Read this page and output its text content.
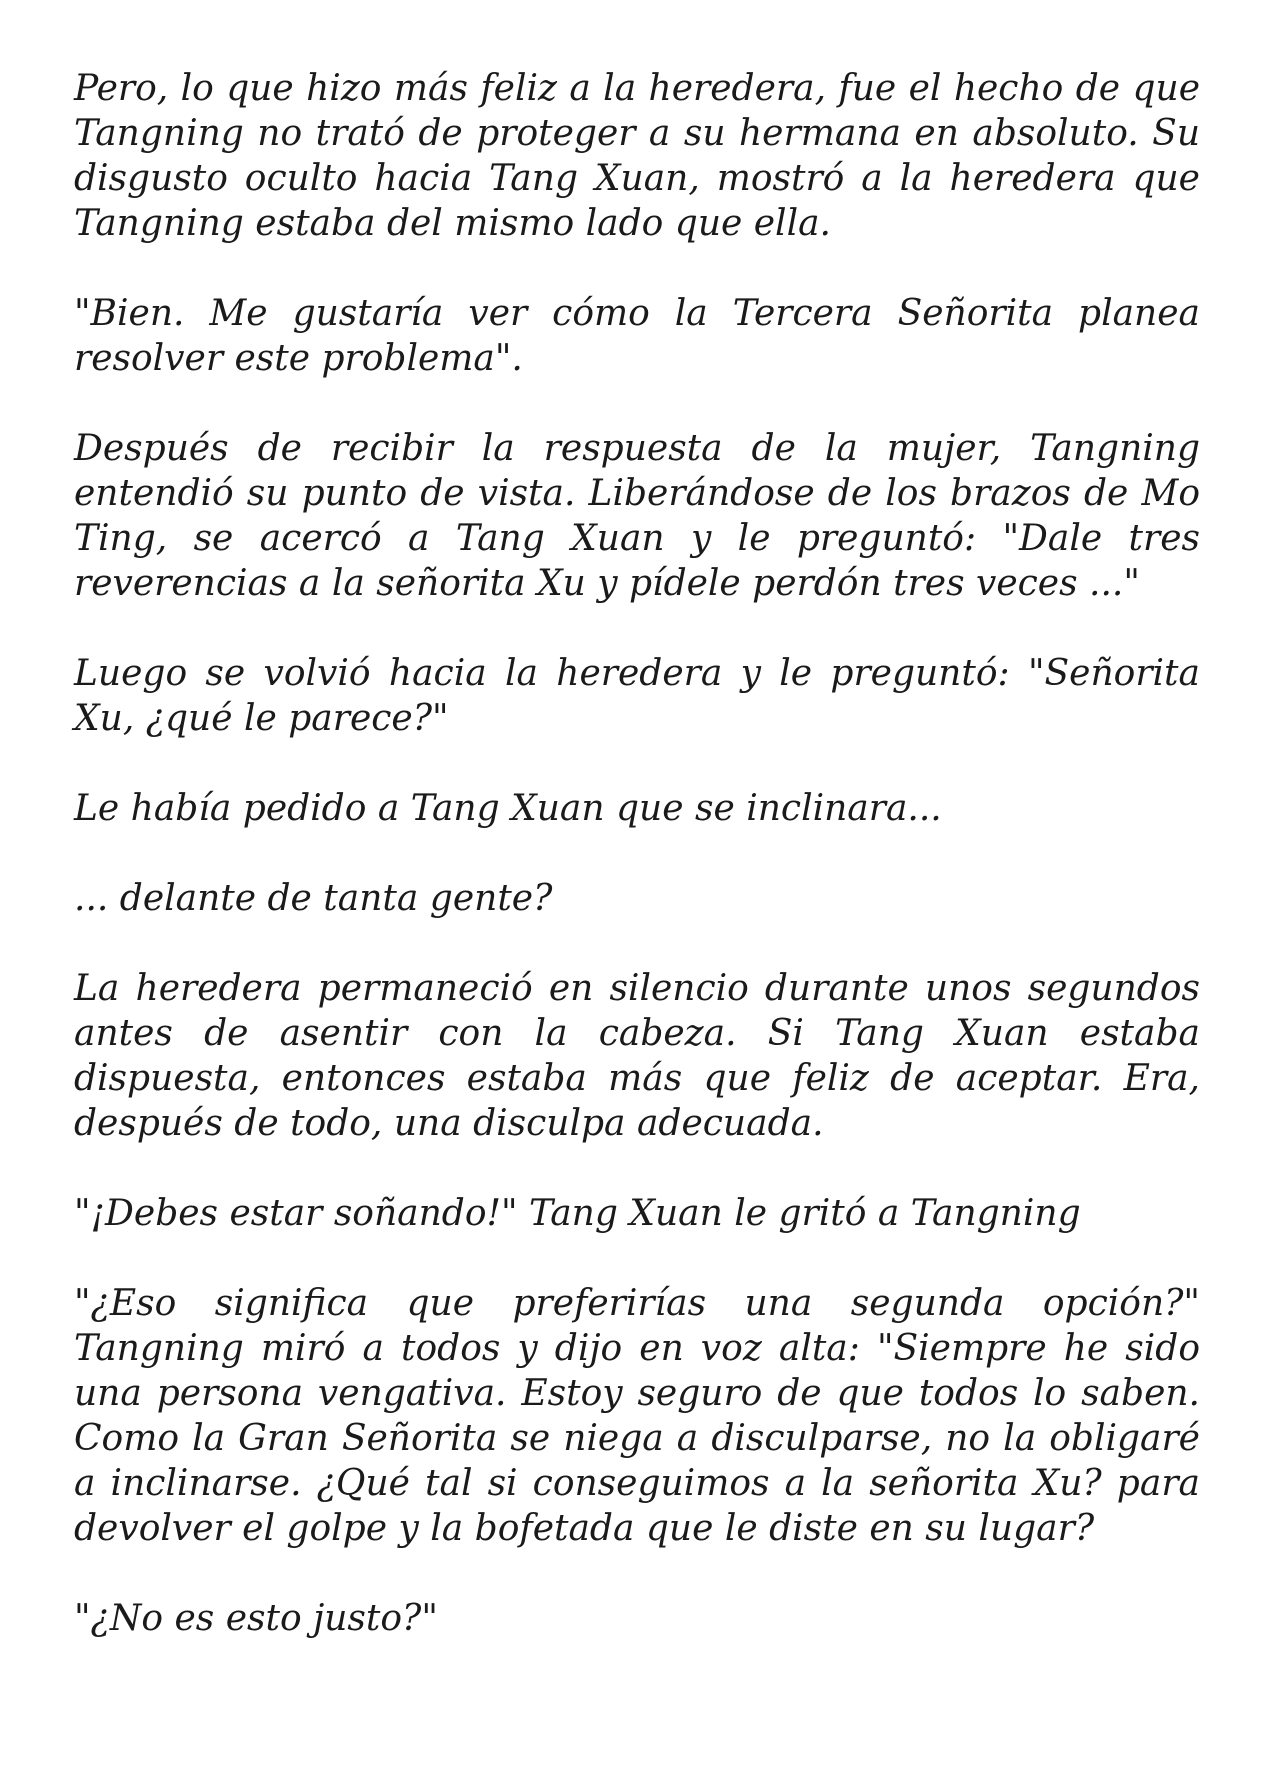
Pero, lo que hizo más feliz a la heredera, fue el hecho de que Tangning no trató de proteger a su hermana en absoluto. Su disgusto oculto hacia Tang Xuan, mostró a la heredera que Tangning estaba del mismo lado que ella.

"Bien. Me gustaría ver cómo la Tercera Señorita planea resolver este problema".

Después de recibir la respuesta de la mujer, Tangning entendió su punto de vista. Liberándose de los brazos de Mo Ting, se acercó a Tang Xuan y le preguntó: "Dale tres reverencias a la señorita Xu y pídele perdón tres veces ..."

Luego se volvió hacia la heredera y le preguntó: "Señorita Xu, ¿qué le parece?"

Le había pedido a Tang Xuan que se inclinara...

... delante de tanta gente?

La heredera permaneció en silencio durante unos segundos antes de asentir con la cabeza. Si Tang Xuan estaba dispuesta, entonces estaba más que feliz de aceptar. Era, después de todo, una disculpa adecuada.

"¡Debes estar soñando!" Tang Xuan le gritó a Tangning

"¿Eso significa que preferirías una segunda opción?" Tangning miró a todos y dijo en voz alta: "Siempre he sido una persona vengativa. Estoy seguro de que todos lo saben. Como la Gran Señorita se niega a disculparse, no la obligaré a inclinarse. ¿Qué tal si conseguimos a la señorita Xu? para devolver el golpe y la bofetada que le diste en su lugar?

"¿No es esto justo?"
